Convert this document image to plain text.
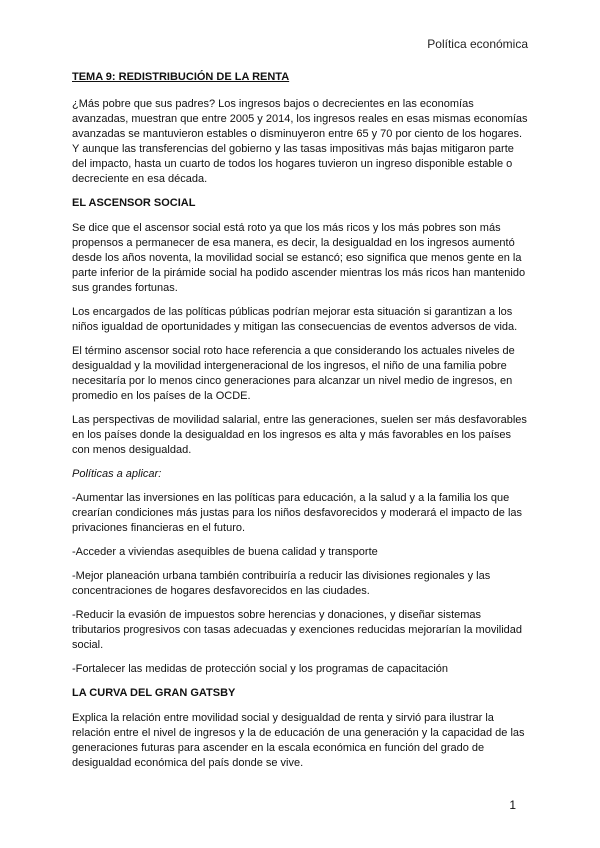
Política económica
TEMA 9: REDISTRIBUCIÓN DE LA RENTA

¿Más pobre que sus padres? Los ingresos bajos o decrecientes en las economías avanzadas, muestran que entre 2005 y 2014, los ingresos reales en esas mismas economías avanzadas se mantuvieron estables o disminuyeron entre 65 y 70 por ciento de los hogares. Y aunque las transferencias del gobierno y las tasas impositivas más bajas mitigaron parte del impacto, hasta un cuarto de todos los hogares tuvieron un ingreso disponible estable o decreciente en esa década.

EL ASCENSOR SOCIAL

Se dice que el ascensor social está roto ya que los más ricos y los más pobres son más propensos a permanecer de esa manera, es decir, la desigualdad en los ingresos aumentó desde los años noventa, la movilidad social se estancó; eso significa que menos gente en la parte inferior de la pirámide social ha podido ascender mientras los más ricos han mantenido sus grandes fortunas.

Los encargados de las políticas públicas podrían mejorar esta situación si garantizan a los niños igualdad de oportunidades y mitigan las consecuencias de eventos adversos de vida.

El término ascensor social roto hace referencia a que considerando los actuales niveles de desigualdad y la movilidad intergeneracional de los ingresos, el niño de una familia pobre necesitaría por lo menos cinco generaciones para alcanzar un nivel medio de ingresos, en promedio en los países de la OCDE.

Las perspectivas de movilidad salarial, entre las generaciones, suelen ser más desfavorables en los países donde la desigualdad en los ingresos es alta y más favorables en los países con menos desigualdad.

Políticas a aplicar:

-Aumentar las inversiones en las políticas para educación, a la salud y a la familia los que crearían condiciones más justas para los niños desfavorecidos y moderará el impacto de las privaciones financieras en el futuro.

-Acceder a viviendas asequibles de buena calidad y transporte

-Mejor planeación urbana también contribuiría a reducir las divisiones regionales y las concentraciones de hogares desfavorecidos en las ciudades.

-Reducir la evasión de impuestos sobre herencias y donaciones, y diseñar sistemas tributarios progresivos con tasas adecuadas y exenciones reducidas mejorarían la movilidad social.

-Fortalecer las medidas de protección social y los programas de capacitación

LA CURVA DEL GRAN GATSBY

Explica la relación entre movilidad social y desigualdad de renta y sirvió para ilustrar la relación entre el nivel de ingresos y la de educación de una generación y la capacidad de las generaciones futuras para ascender en la escala económica en función del grado de desigualdad económica del país donde se vive.

1
